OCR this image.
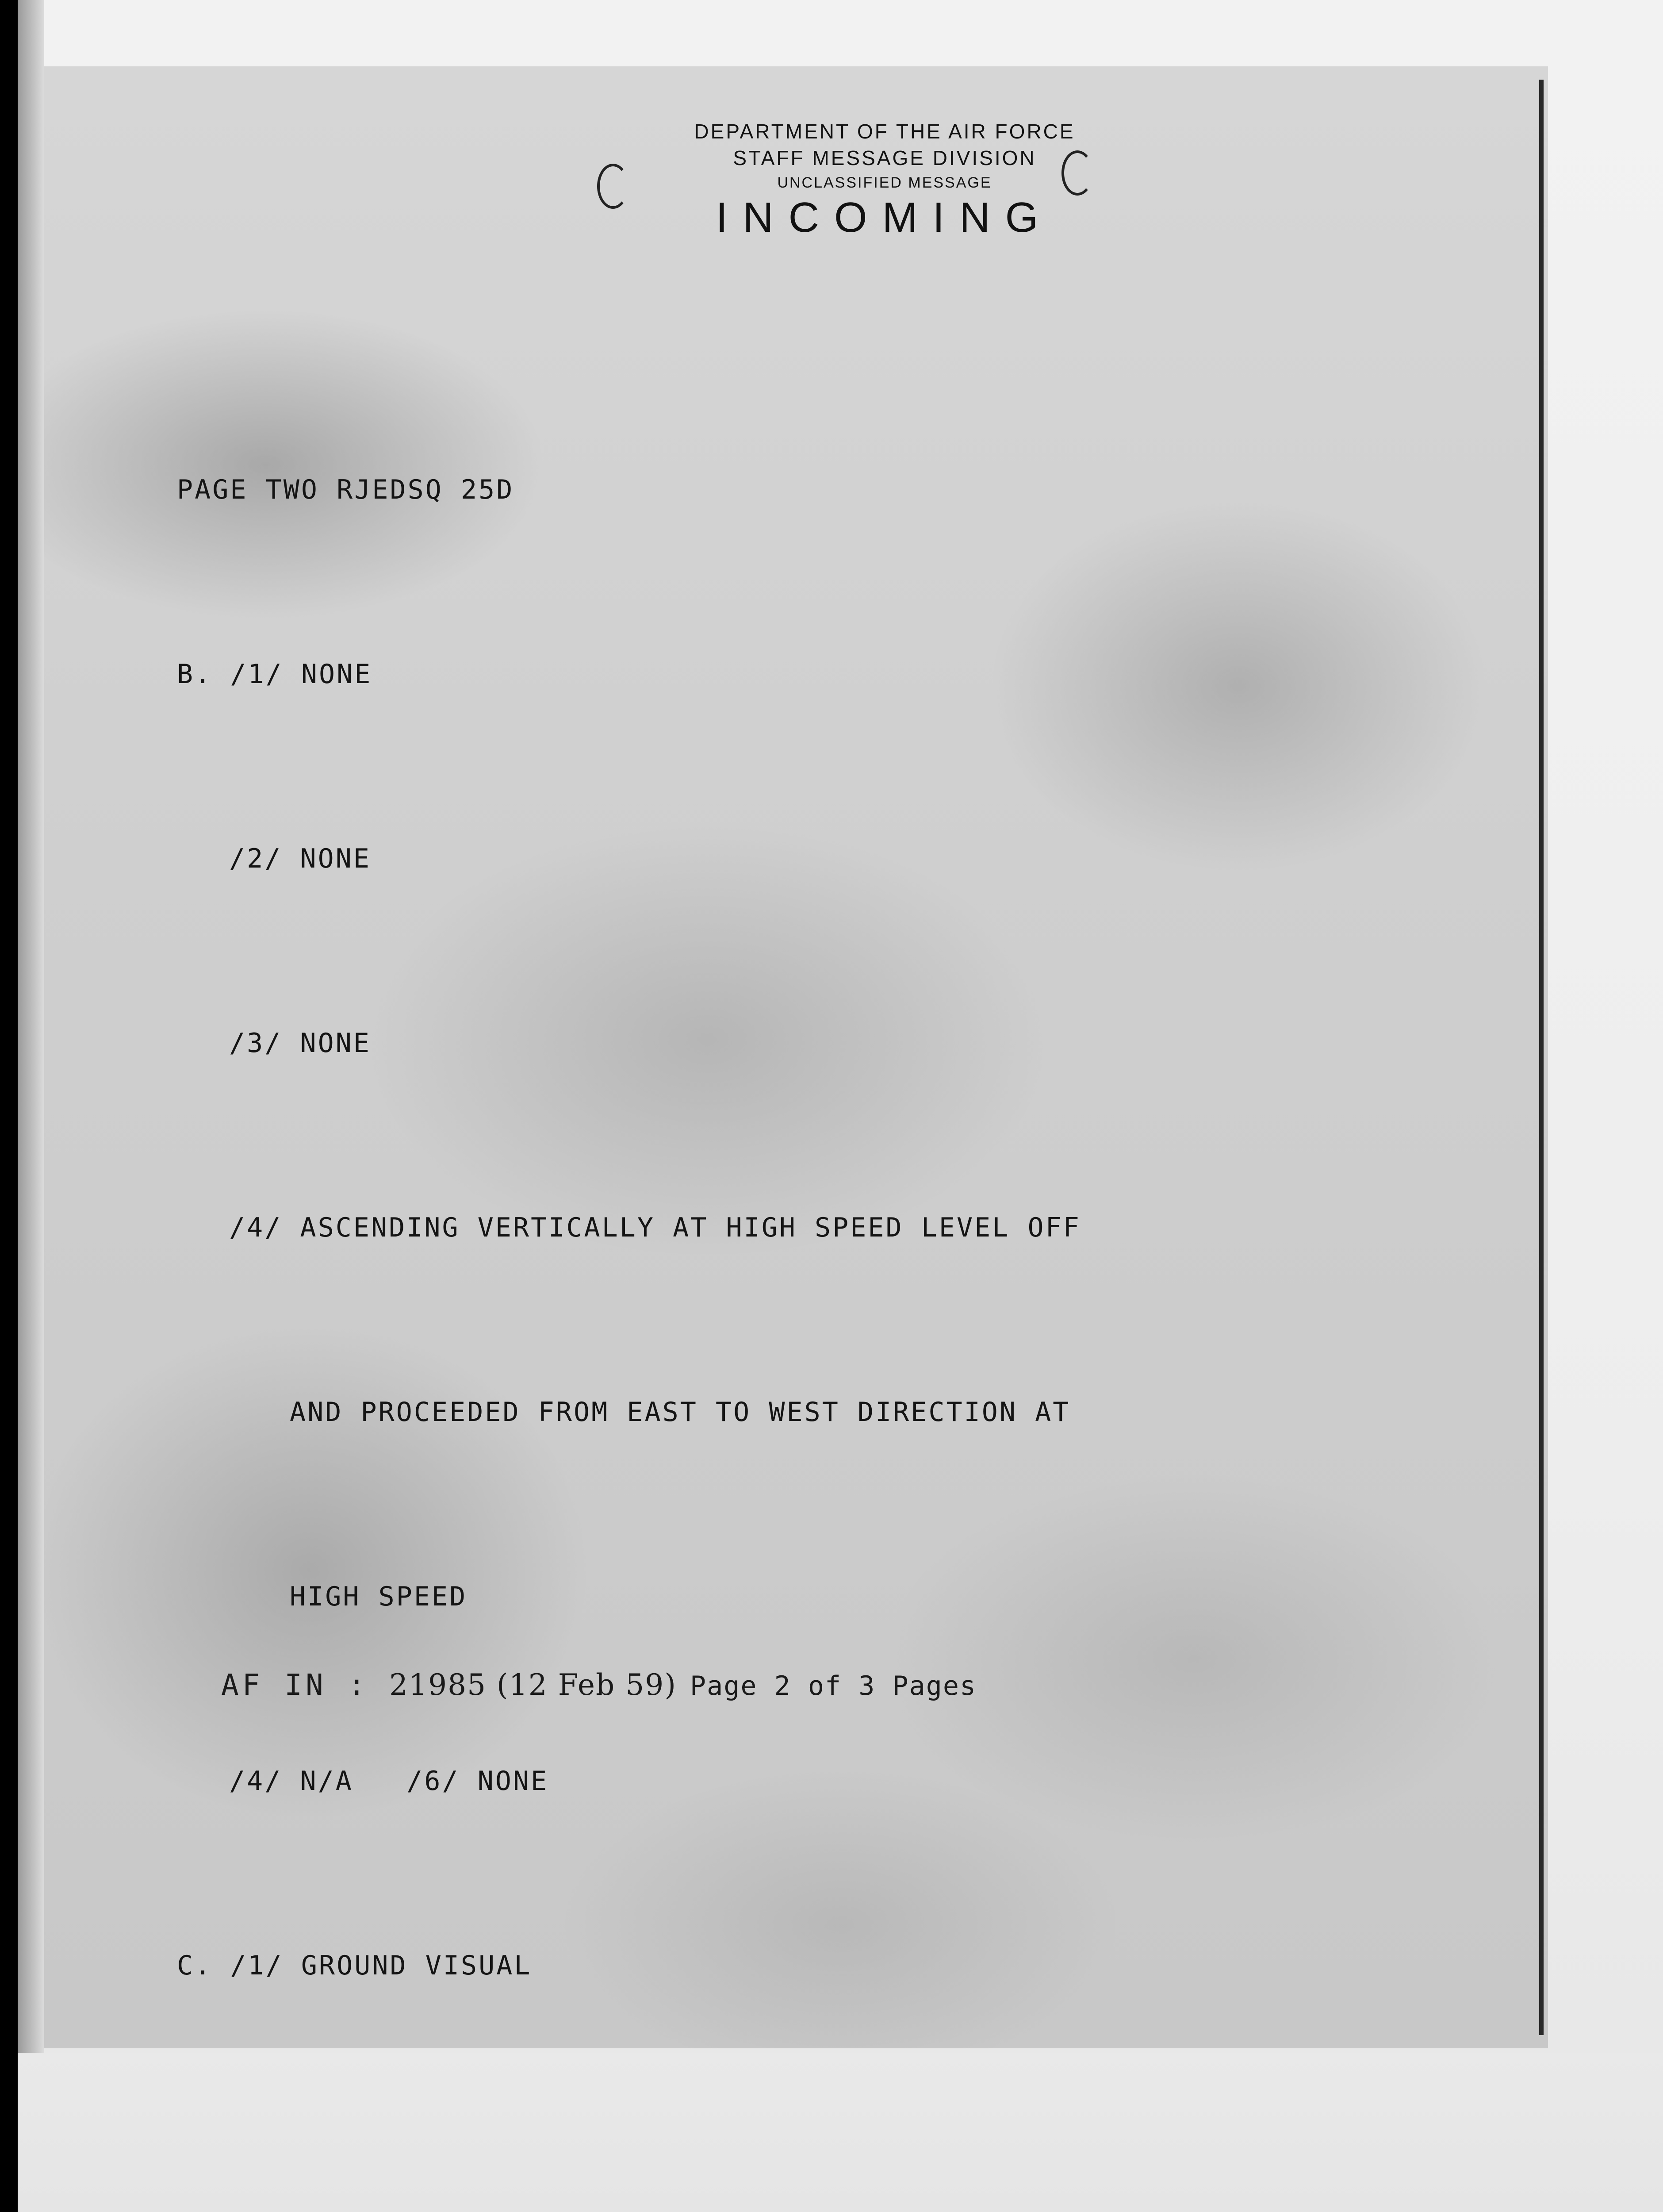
DEPARTMENT OF THE AIR FORCE
STAFF MESSAGE DIVISION
UNCLASSIFIED MESSAGE
INCOMING

PAGE TWO RJEDSQ 25D

B. /1/ NONE

/2/ NONE

/3/ NONE

/4/ ASCENDING VERTICALLY AT HIGH SPEED LEVEL OFF

AND PROCEEDED FROM EAST TO WEST DIRECTION AT

HIGH SPEED

/4/ N/A   /6/ NONE

C. /1/ GROUND VISUAL

AF IN : 21985 (12 Feb 59) Page 2 of 3 Pages
